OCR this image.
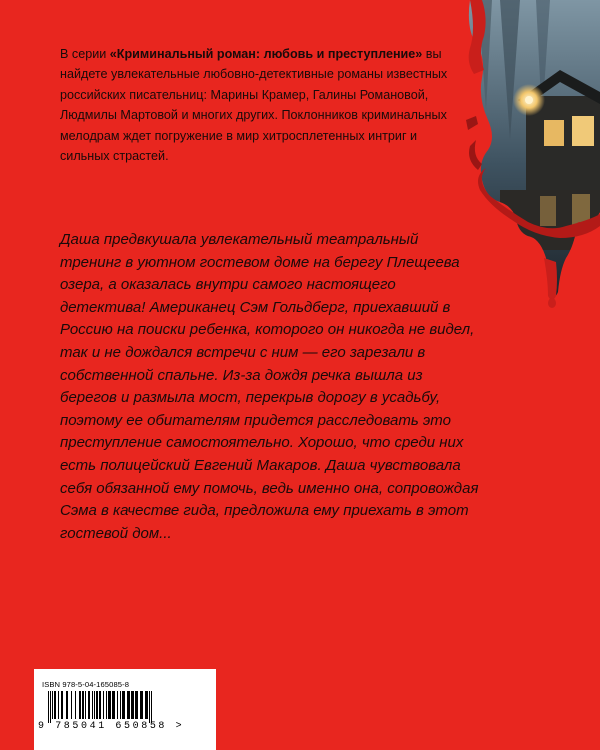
В серии «Криминальный роман: любовь и преступление» вы найдете увлекательные любовно-детективные романы известных российских писательниц: Марины Крамер, Галины Романовой, Людмилы Мартовой и многих других. Поклонников криминальных мелодрам ждет погружение в мир хитросплетенных интриг и сильных страстей.

Даша предвкушала увлекательный театральный тренинг в уютном гостевом доме на берегу Плещеева озера, а оказалась внутри самого настоящего детектива! Американец Сэм Гольдберг, приехавший в Россию на поиски ребенка, которого он никогда не видел, так и не дождался встречи с ним — его зарезали в собственной спальне. Из-за дождя речка вышла из берегов и размыла мост, перекрыв дорогу в усадьбу, поэтому ее обитателям придется расследовать это преступление самостоятельно. Хорошо, что среди них есть полицейский Евгений Макаров. Даша чувствовала себя обязанной ему помочь, ведь именно она, сопровождая Сэма в качестве гида, предложила ему приехать в этот гостевой дом...

ISBN 978-5-04-165085-8
9 785041 650858 >
